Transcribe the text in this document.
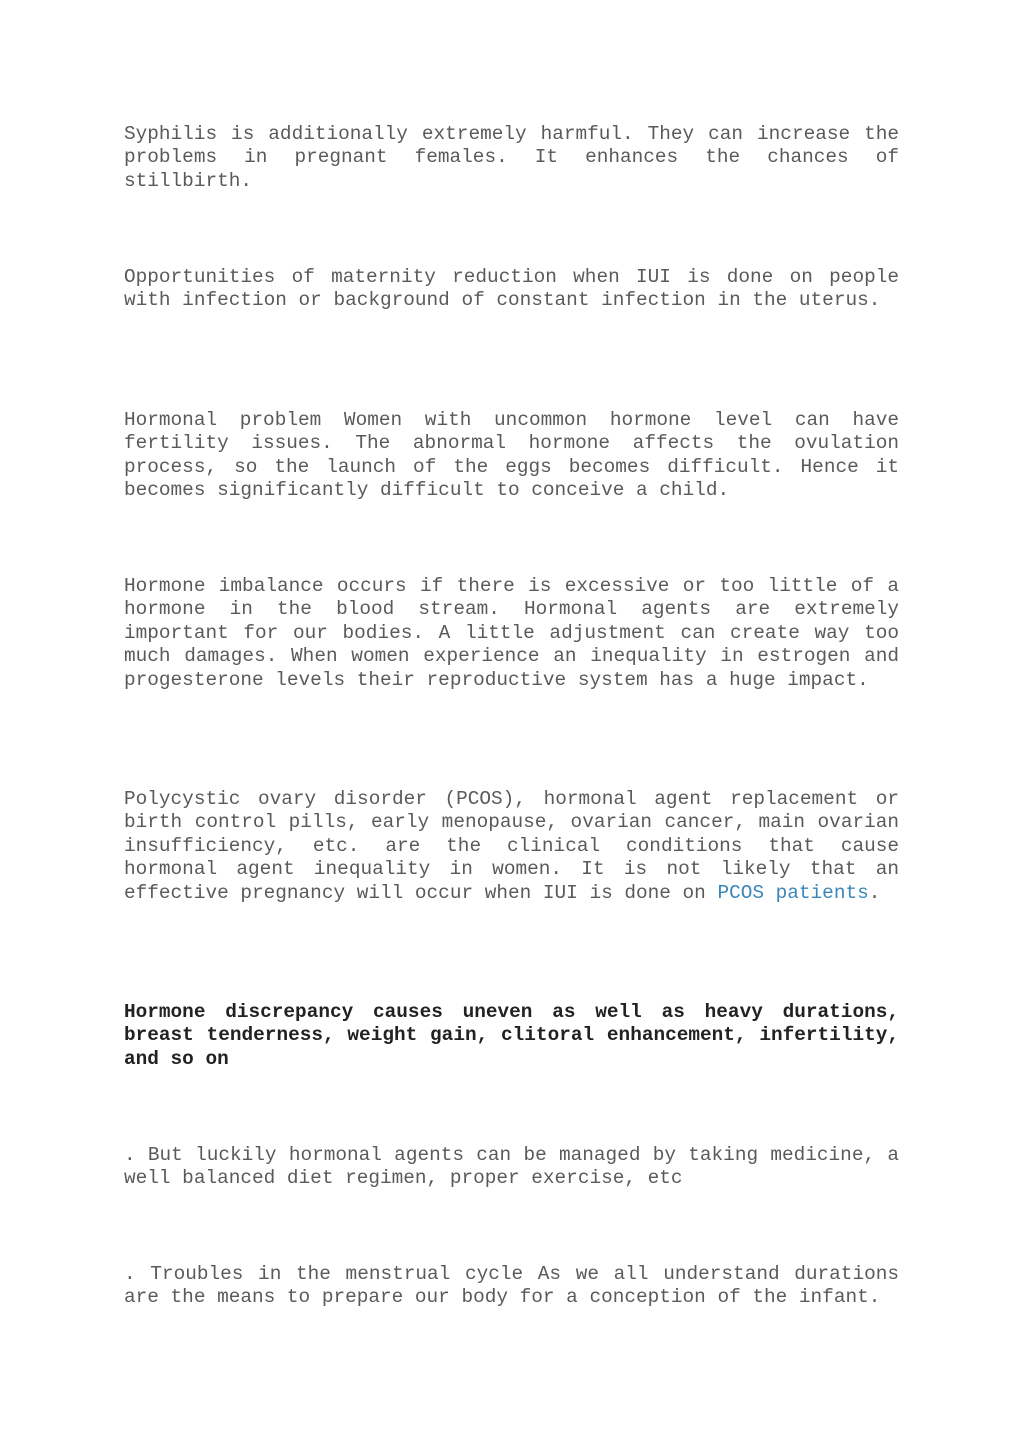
Syphilis is additionally extremely harmful. They can increase the problems in pregnant females. It enhances the chances of stillbirth.

Opportunities of maternity reduction when IUI is done on people with infection or background of constant infection in the uterus.

Hormonal problem Women with uncommon hormone level can have fertility issues. The abnormal hormone affects the ovulation process, so the launch of the eggs becomes difficult. Hence it becomes significantly difficult to conceive a child.

Hormone imbalance occurs if there is excessive or too little of a hormone in the blood stream. Hormonal agents are extremely important for our bodies. A little adjustment can create way too much damages. When women experience an inequality in estrogen and progesterone levels their reproductive system has a huge impact.

Polycystic ovary disorder (PCOS), hormonal agent replacement or birth control pills, early menopause, ovarian cancer, main ovarian insufficiency, etc. are the clinical conditions that cause hormonal agent inequality in women. It is not likely that an effective pregnancy will occur when IUI is done on PCOS patients.

Hormone discrepancy causes uneven as well as heavy durations, breast tenderness, weight gain, clitoral enhancement, infertility, and so on

. But luckily hormonal agents can be managed by taking medicine, a well balanced diet regimen, proper exercise, etc

. Troubles in the menstrual cycle As we all understand durations are the means to prepare our body for a conception of the infant.
